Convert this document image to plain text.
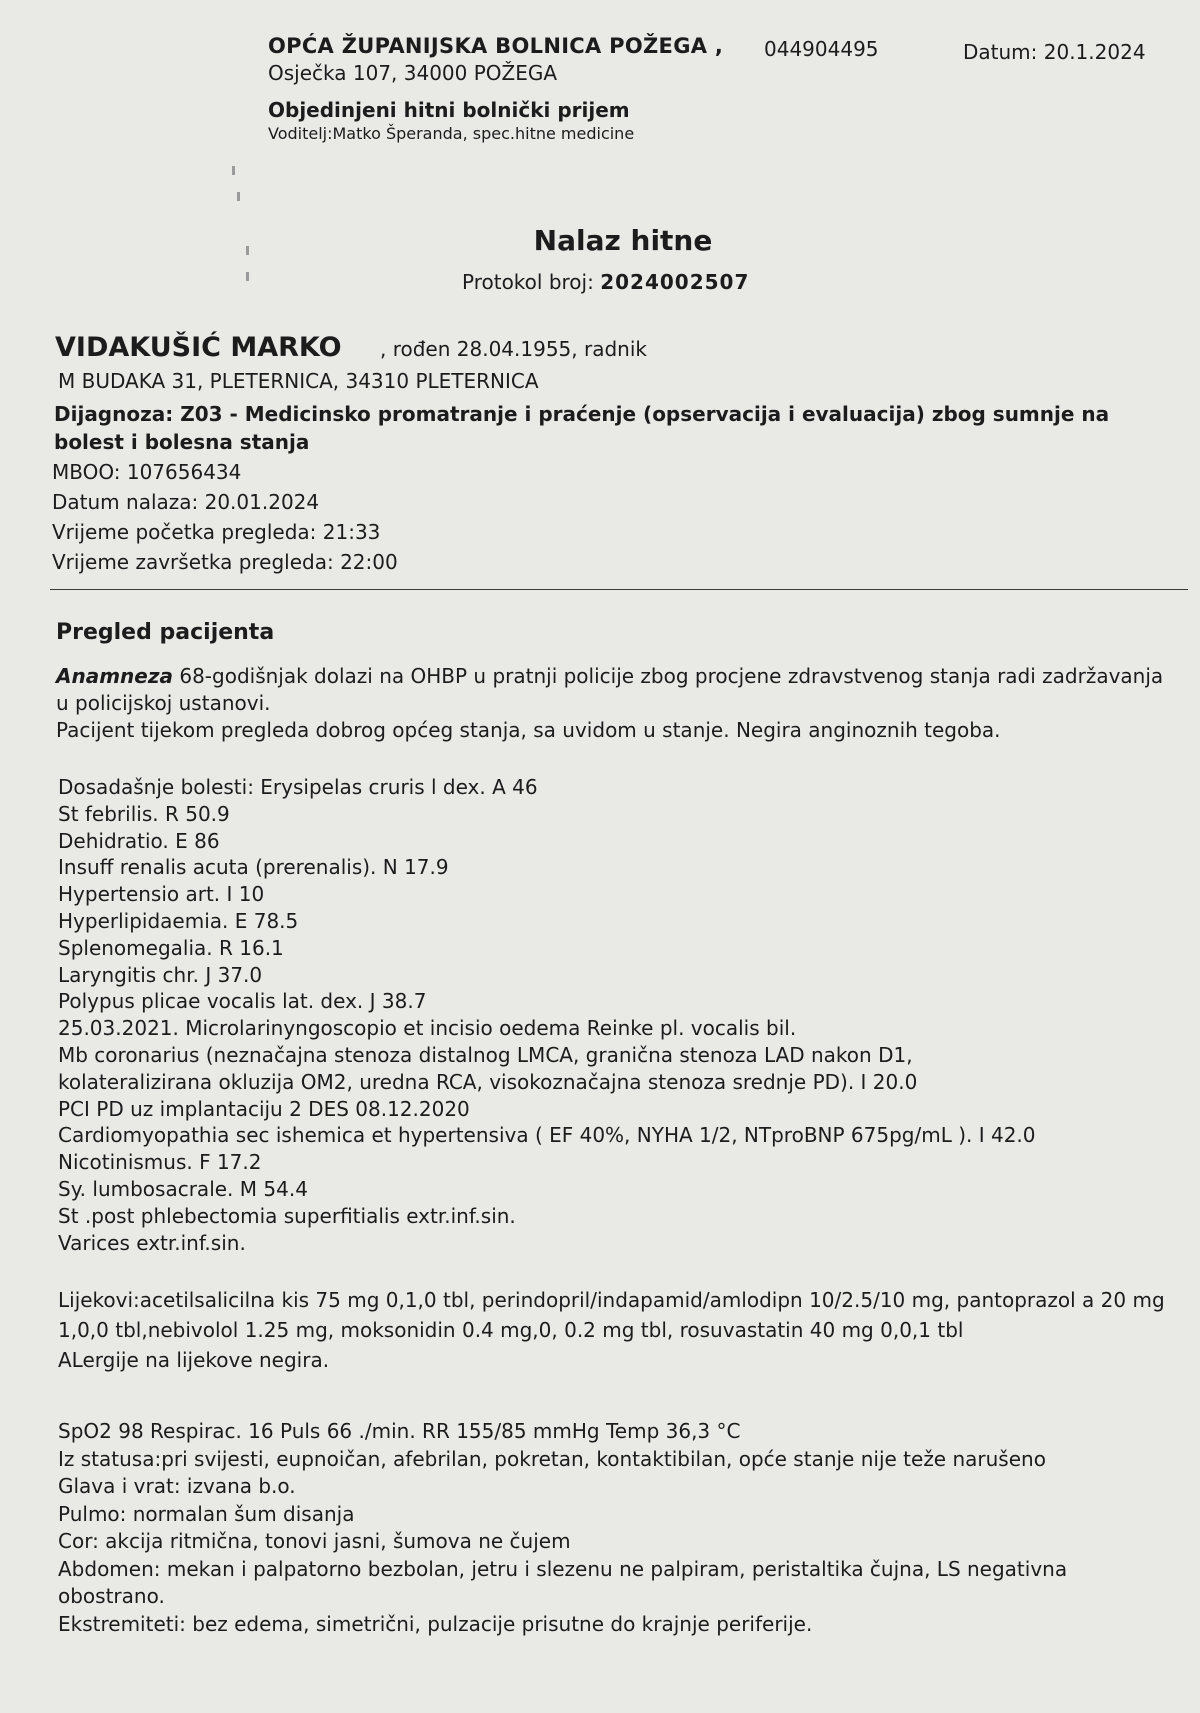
OPĆA ŽUPANIJSKA BOLNICA POŽEGA , 044904495	Datum: 20.1.2024
Osječka 107, 34000 POŽEGA
Objedinjeni hitni bolnički prijem
Voditelj:Matko Šperanda, spec.hitne medicine
Nalaz hitne
Protokol broj: 2024002507
VIDAKUŠIĆ MARKO , rođen 28.04.1955, radnik
M BUDAKA 31, PLETERNICA, 34310 PLETERNICA
Dijagnoza: Z03 - Medicinsko promatranje i praćenje (opservacija i evaluacija) zbog sumnje na bolest i bolesna stanja
MBOO: 107656434
Datum nalaza: 20.01.2024
Vrijeme početka pregleda: 21:33
Vrijeme završetka pregleda: 22:00
Pregled pacijenta
Anamneza 68-godišnjak dolazi na OHBP u pratnji policije zbog procjene zdravstvenog stanja radi zadržavanja u policijskoj ustanovi.
Pacijent tijekom pregleda dobrog općeg stanja, sa uvidom u stanje. Negira anginoznih tegoba.
Dosadašnje bolesti: Erysipelas cruris l dex. A 46
St febrilis. R 50.9
Dehidratio. E 86
Insuff renalis acuta (prerenalis). N 17.9
Hypertensio art. I 10
Hyperlipidaemia. E 78.5
Splenomegalia. R 16.1
Laryngitis chr. J 37.0
Polypus plicae vocalis lat. dex. J 38.7
25.03.2021. Microlarinyngoscopio et incisio oedema Reinke pl. vocalis bil.
Mb coronarius (neznačajna stenoza distalnog LMCA, granična stenoza LAD nakon D1,
kolateralizirana okluzija OM2, uredna RCA, visokoznačajna stenoza srednje PD). I 20.0
PCI PD uz implantaciju 2 DES 08.12.2020
Cardiomyopathia sec ishemica et hypertensiva ( EF 40%, NYHA 1/2, NTproBNP 675pg/mL ). I 42.0
Nicotinismus. F 17.2
Sy. lumbosacrale. M 54.4
St .post phlebectomia superfitialis extr.inf.sin.
Varices extr.inf.sin.
Lijekovi:acetilsalicilna kis 75 mg 0,1,0 tbl, perindopril/indapamid/amlodipn 10/2.5/10 mg, pantoprazol a 20 mg 1,0,0 tbl,nebivolol 1.25 mg, moksonidin 0.4 mg,0, 0.2 mg tbl, rosuvastatin 40 mg 0,0,1 tbl
ALergije na lijekove negira.
SpO2 98 Respirac. 16 Puls 66 ./min. RR 155/85 mmHg Temp 36,3 °C
Iz statusa:pri svijesti, eupnoičan, afebrilan, pokretan, kontaktibilan, opće stanje nije teže narušeno
Glava i vrat: izvana b.o.
Pulmo: normalan šum disanja
Cor: akcija ritmična, tonovi jasni, šumova ne čujem
Abdomen: mekan i palpatorno bezbolan, jetru i slezenu ne palpiram, peristaltika čujna, LS negativna obostrano.
Ekstremiteti: bez edema, simetrični, pulzacije prisutne do krajnje periferije.
